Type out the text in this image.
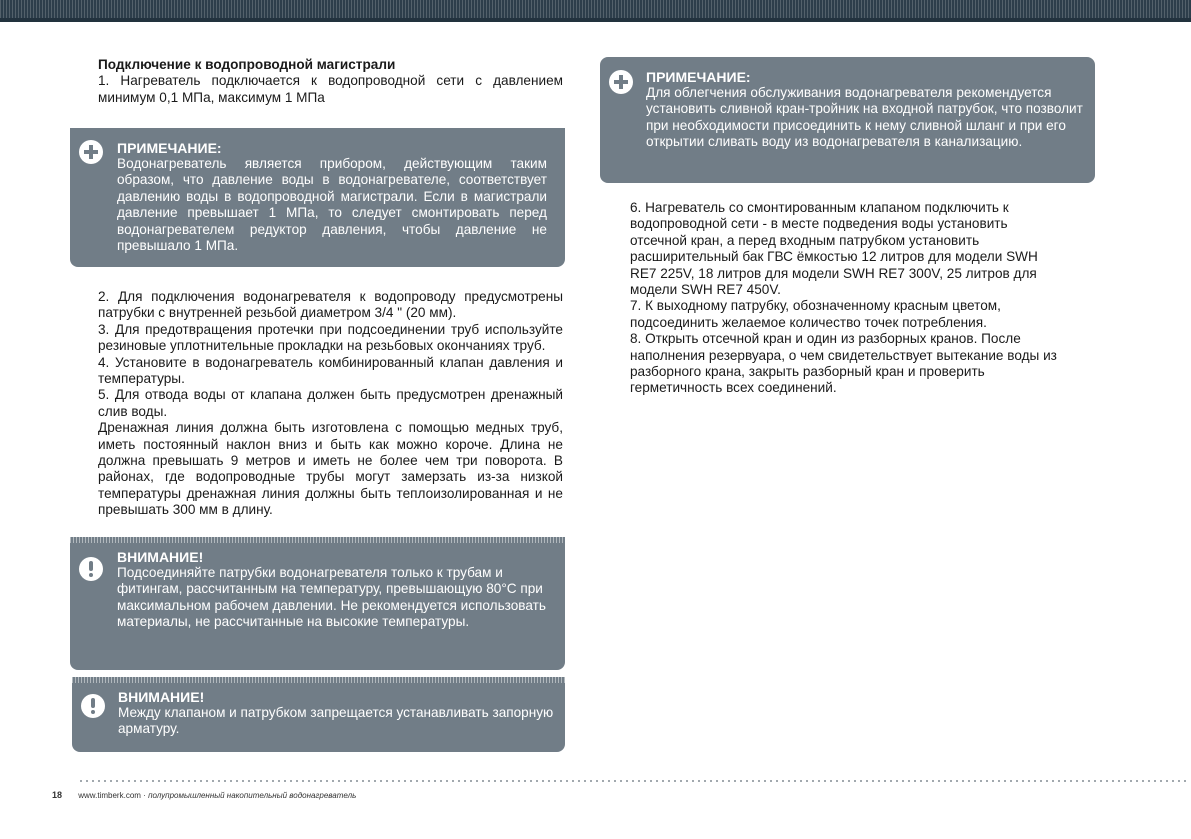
Подключение к водопроводной магистрали

1. Нагреватель подключается к водопроводной сети с давлением минимум 0,1 МПа, максимум 1 МПа

ПРИМЕЧАНИЕ:
Водонагреватель является прибором, действующим таким образом, что давление воды в водонагревателе, соответствует давлению воды в водопроводной магистрали. Если в магистрали давление превышает 1 МПа, то следует смонтировать перед водонагревателем редуктор давления, чтобы давление не превышало 1 МПа.

2. Для подключения водонагревателя к водопроводу предусмотрены патрубки с внутренней резьбой диаметром 3/4 " (20 мм).

3. Для предотвращения протечки при подсоединении труб используйте резиновые уплотнительные прокладки на резьбовых окончаниях труб.

4. Установите в водонагреватель комбинированный клапан давления и температуры.

5. Для отвода воды от клапана должен быть предусмотрен дренажный слив воды.

Дренажная линия должна быть изготовлена с помощью медных труб, иметь постоянный наклон вниз и быть как можно короче. Длина не должна превышать 9 метров и иметь не более чем три поворота. В районах, где водопроводные трубы могут замерзать из-за низкой температуры дренажная линия должны быть теплоизолированная и не превышать 300 мм в длину.

ВНИМАНИЕ!
Подсоединяйте патрубки водонагревателя только к трубам и фитингам, рассчитанным на температуру, превышающую 80°C при максимальном рабочем давлении. Не рекомендуется использовать материалы, не рассчитанные на высокие температуры.
ВНИМАНИЕ!
Между клапаном и патрубком запрещается устанавливать запорную арматуру.
ПРИМЕЧАНИЕ:
Для облегчения обслуживания водонагревателя рекомендуется установить сливной кран-тройник на входной патрубок, что позволит при необходимости присоединить к нему сливной шланг и при его открытии сливать воду из водонагревателя в канализацию.

6. Нагреватель со смонтированным клапаном подключить к водопроводной сети - в месте подведения воды установить отсечной кран, а перед входным патрубком установить расширительный бак ГВС ёмкостью 12 литров для модели SWH RE7 225V, 18 литров для модели SWH RE7 300V, 25 литров для модели SWH RE7 450V.

7. К выходному патрубку, обозначенному красным цветом, подсоединить желаемое количество точек потребления.

8. Открыть отсечной кран и один из разборных кранов. После наполнения резервуара, о чем свидетельствует вытекание воды из разборного крана, закрыть разборный кран и проверить герметичность всех соединений.

18 www.timberk.com · полупромышленный накопительный водонагреватель
